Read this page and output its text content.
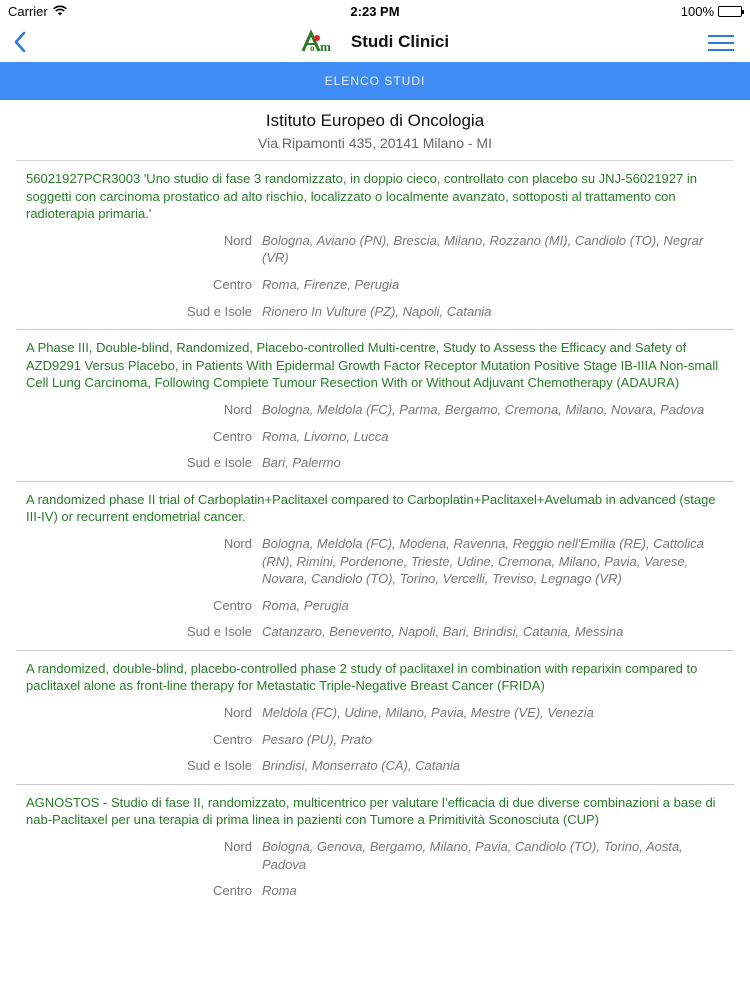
Carrier	2:23 PM	100%
m
o Studi Clinici
ELENCO STUDI
Istituto Europeo di Oncologia
Via Ripamonti 435, 20141 Milano - MI
56021927PCR3003 'Uno studio di fase 3 randomizzato, in doppio cieco, controllato con placebo su JNJ-56021927 in soggetti con carcinoma prostatico ad alto rischio, localizzato o localmente avanzato, sottoposti al trattamento con radioterapia primaria.'
Nord Bologna, Aviano (PN), Brescia, Milano, Rozzano (MI), Candiolo (TO), Negrar (VR)
Centro Roma, Firenze, Perugia
Sud e Isole Rionero In Vulture (PZ), Napoli, Catania
A Phase III, Double-blind, Randomized, Placebo-controlled Multi-centre, Study to Assess the Efficacy and Safety of AZD9291 Versus Placebo, in Patients With Epidermal Growth Factor Receptor Mutation Positive Stage IB-IIIA Non-small Cell Lung Carcinoma, Following Complete Tumour Resection With or Without Adjuvant Chemotherapy (ADAURA)
Nord Bologna, Meldola (FC), Parma, Bergamo, Cremona, Milano, Novara, Padova
Centro Roma, Livorno, Lucca
Sud e Isole Bari, Palermo
A randomized phase II trial of Carboplatin+Paclitaxel compared to Carboplatin+Paclitaxel+Avelumab in advanced (stage III-IV) or recurrent endometrial cancer.
Nord Bologna, Meldola (FC), Modena, Ravenna, Reggio nell'Emilia (RE), Cattolica (RN), Rimini, Pordenone, Trieste, Udine, Cremona, Milano, Pavia, Varese, Novara, Candiolo (TO), Torino, Vercelli, Treviso, Legnago (VR)
Centro Roma, Perugia
Sud e Isole Catanzaro, Benevento, Napoli, Bari, Brindisi, Catania, Messina
A randomized, double-blind, placebo-controlled phase 2 study of paclitaxel in combination with reparixin compared to paclitaxel alone as front-line therapy for Metastatic Triple-Negative Breast Cancer (FRIDA)
Nord Meldola (FC), Udine, Milano, Pavia, Mestre (VE), Venezia
Centro Pesaro (PU), Prato
Sud e Isole Brindisi, Monserrato (CA), Catania
AGNOSTOS - Studio di fase II, randomizzato, multicentrico per valutare l’efficacia di due diverse combinazioni a base di nab-Paclitaxel per una terapia di prima linea in pazienti con Tumore a Primitività Sconosciuta (CUP)
Nord Bologna, Genova, Bergamo, Milano, Pavia, Candiolo (TO), Torino, Aosta, Padova
Centro Roma
